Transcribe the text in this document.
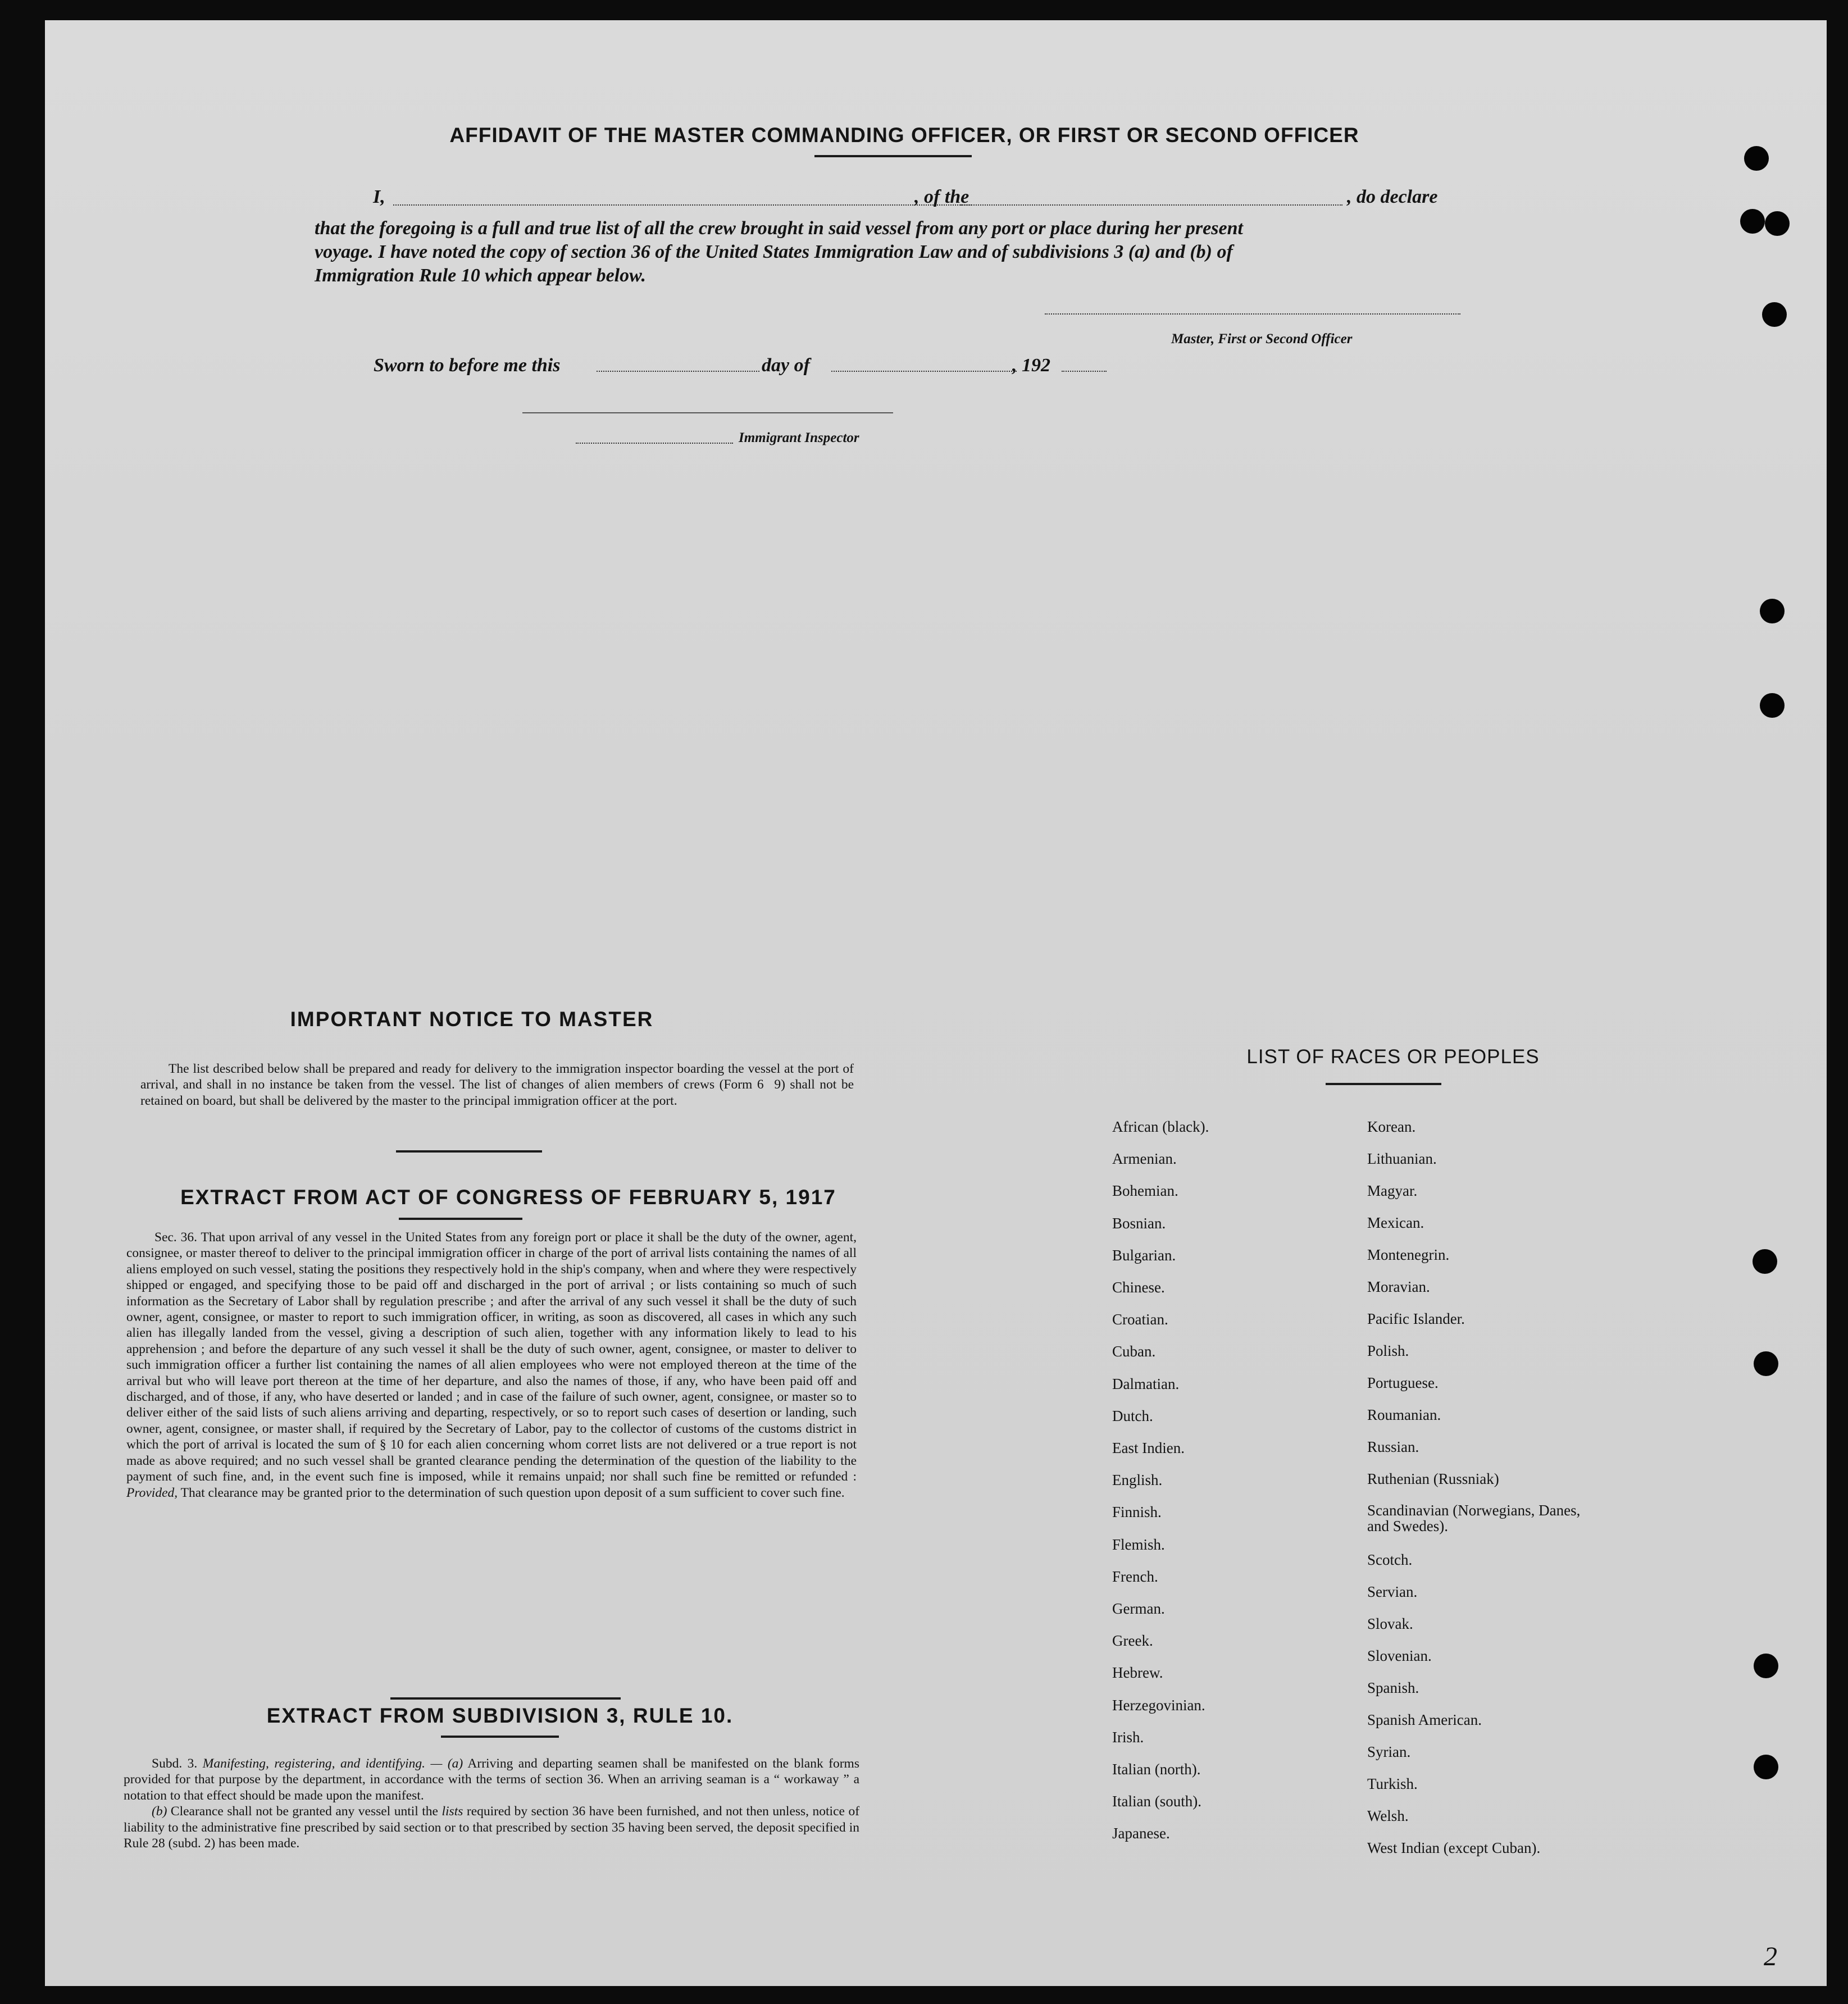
AFFIDAVIT OF THE MASTER COMMANDING OFFICER, OR FIRST OR SECOND OFFICER
I,	, of the	, do declare
that the foregoing is a full and true list of all the crew brought in said vessel from any port or place during her present
voyage. I have noted the copy of section 36 of the United States Immigration Law and of subdivisions 3 (a) and (b) of
Immigration Rule 10 which appear below.
Master, First or Second Officer
Sworn to before me this	day of	, 192
Immigrant Inspector
IMPORTANT NOTICE TO MASTER
The list described below shall be prepared and ready for delivery to the immigration inspector boarding the vessel at the port of arrival, and shall in no instance be taken from the vessel. The list of changes of alien members of crews (Form 69) shall not be retained on board, but shall be delivered by the master to the principal immigration officer at the port.
EXTRACT FROM ACT OF CONGRESS OF FEBRUARY 5, 1917
Sec. 36. That upon arrival of any vessel in the United States from any foreign port or place it shall be the duty of the owner, agent, consignee, or master thereof to deliver to the principal immigration officer in charge of the port of arrival lists containing the names of all aliens employed on such vessel, stating the positions they respectively hold in the ship's company, when and where they were respectively shipped or engaged, and specifying those to be paid off and discharged in the port of arrival ; or lists containing so much of such information as the Secretary of Labor shall by regulation prescribe ; and after the arrival of any such vessel it shall be the duty of such owner, agent, consignee, or master to report to such immigration officer, in writing, as soon as discovered, all cases in which any such alien has illegally landed from the vessel, giving a description of such alien, together with any information likely to lead to his apprehension ; and before the departure of any such vessel it shall be the duty of such owner, agent, consignee, or master to deliver to such immigration officer a further list containing the names of all alien employees who were not employed thereon at the time of the arrival but who will leave port thereon at the time of her departure, and also the names of those, if any, who have been paid off and discharged, and of those, if any, who have deserted or landed ; and in case of the failure of such owner, agent, consignee, or master so to deliver either of the said lists of such aliens arriving and departing, respectively, or so to report such cases of desertion or landing, such owner, agent, consignee, or master shall, if required by the Secretary of Labor, pay to the collector of customs of the customs district in which the port of arrival is located the sum of § 10 for each alien concerning whom corret lists are not delivered or a true report is not made as above required; and no such vessel shall be granted clearance pending the determination of the question of the liability to the payment of such fine, and, in the event such fine is imposed, while it remains unpaid; nor shall such fine be remitted or refunded : Provided, That clearance may be granted prior to the determination of such question upon deposit of a sum sufficient to cover such fine.
EXTRACT FROM SUBDIVISION 3, RULE 10.

Subd. 3. Manifesting, registering, and identifying. — (a) Arriving and departing seamen shall be manifested on the blank forms provided for that purpose by the department, in accordance with the terms of section 36. When an arriving seaman is a “ workaway ” a notation to that effect should be made upon the manifest.

(b) Clearance shall not be granted any vessel until the lists required by section 36 have been furnished, and not then unless, notice of liability to the administrative fine prescribed by said section or to that prescribed by section 35 having been served, the deposit specified in Rule 28 (subd. 2) has been made.

LIST OF RACES OR PEOPLES
African (black).
Armenian.
Bohemian.
Bosnian.
Bulgarian.
Chinese.
Croatian.
Cuban.
Dalmatian.
Dutch.
East Indien.
English.
Finnish.
Flemish.
French.
German.
Greek.
Hebrew.
Herzegovinian.
Irish.
Italian (north).
Italian (south).
Japanese.
Korean.
Lithuanian.
Magyar.
Mexican.
Montenegrin.
Moravian.
Pacific Islander.
Polish.
Portuguese.
Roumanian.
Russian.
Ruthenian (Russniak)
Scandinavian (Norwegians, Danes, and Swedes).
Scotch.
Servian.
Slovak.
Slovenian.
Spanish.
Spanish American.
Syrian.
Turkish.
Welsh.
West Indian (except Cuban).
2
